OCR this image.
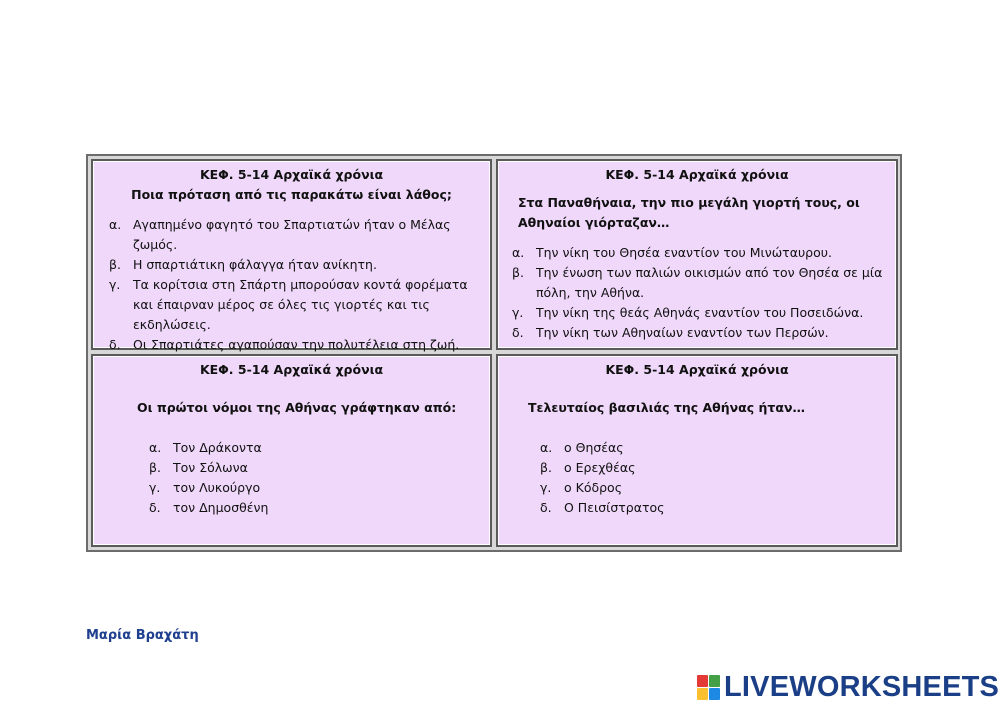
ΚΕΦ. 5-14 Αρχαϊκά χρόνια
Ποια πρόταση από τις παρακάτω είναι λάθος;
α. Αγαπημένο φαγητό του Σπαρτιατών ήταν ο Μέλας ζωμός.
β. Η σπαρτιάτικη φάλαγγα ήταν ανίκητη.
γ. Τα κορίτσια στη Σπάρτη μπορούσαν κοντά φορέματα και έπαιρναν μέρος σε όλες τις γιορτές και τις εκδηλώσεις.
δ. Οι Σπαρτιάτες αγαπούσαν την πολυτέλεια στη ζωή.
ΚΕΦ. 5-14 Αρχαϊκά χρόνια
Στα Παναθήναια, την πιο μεγάλη γιορτή τους, οι Αθηναίοι γιόρταζαν…
α. Την νίκη του Θησέα εναντίον του Μινώταυρου.
β. Την ένωση των παλιών οικισμών από τον Θησέα σε μία πόλη, την Αθήνα.
γ. Την νίκη της θεάς Αθηνάς εναντίον του Ποσειδώνα.
δ. Την νίκη των Αθηναίων εναντίον των Περσών.
ΚΕΦ. 5-14 Αρχαϊκά χρόνια
Οι πρώτοι νόμοι της Αθήνας γράφτηκαν από:
α. Τον Δράκοντα
β. Τον Σόλωνα
γ. τον Λυκούργο
δ. τον Δημοσθένη
ΚΕΦ. 5-14 Αρχαϊκά χρόνια
Τελευταίος βασιλιάς της Αθήνας ήταν…
α. ο Θησέας
β. ο Ερεχθέας
γ. ο Κόδρος
δ. Ο Πεισίστρατος
Μαρία Βραχάτη
LIVEWORKSHEETS
